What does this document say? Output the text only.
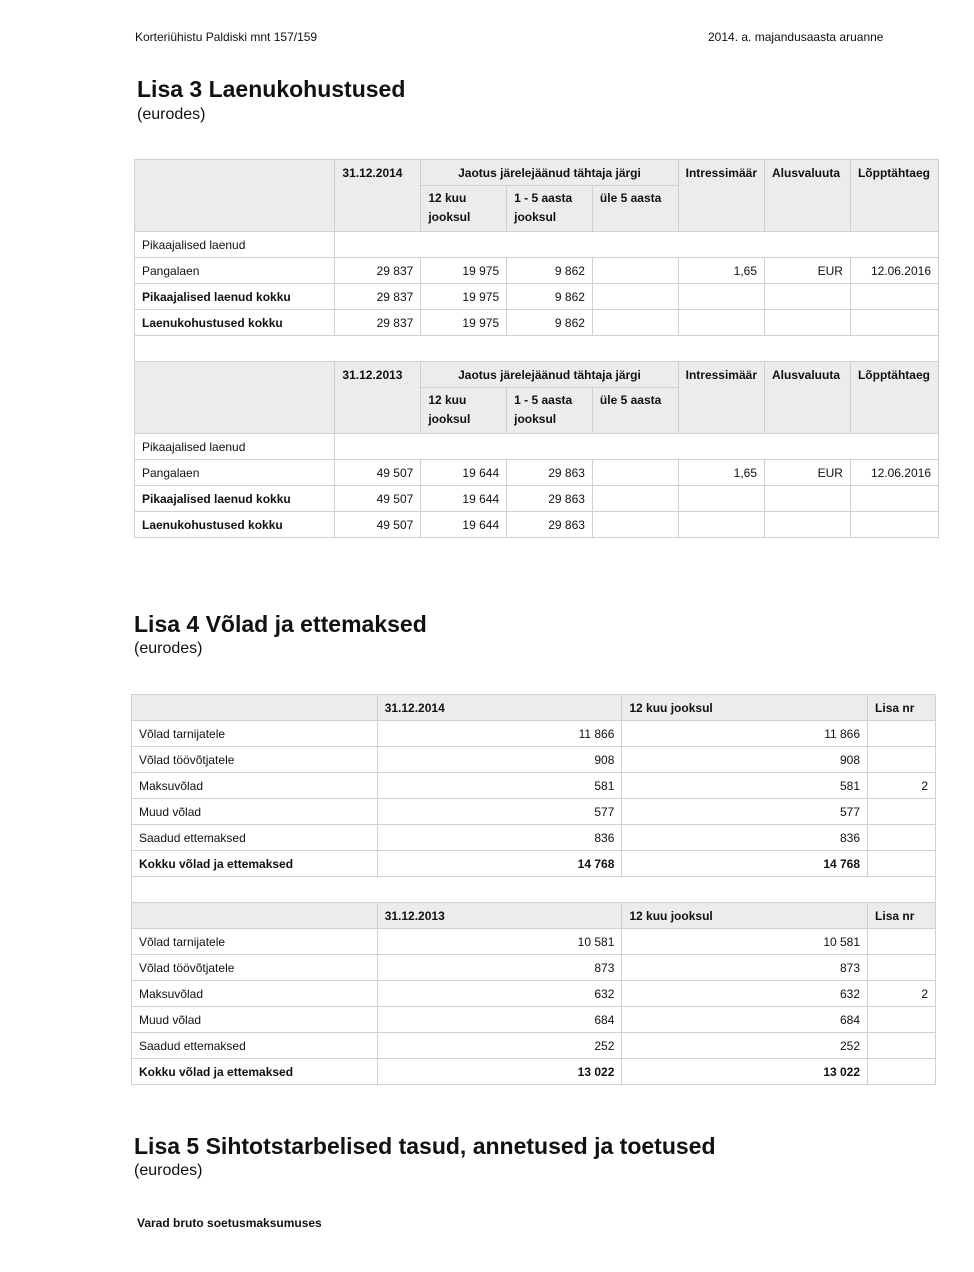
Korteriühistu Paldiski mnt 157/159	2014. a. majandusaasta aruanne
Lisa 3 Laenukohustused
(eurodes)
	31.12.2014	Jaotus järelejäänud tähtaja järgi			Intressimäär	Alusvaluuta	Lõpptähtaeg
		12 kuu jooksul	1 - 5 aasta jooksul	üle 5 aasta			
Pikaajalised laenud							
Pangalaen	29 837	19 975	9 862		1,65	EUR	12.06.2016
Pikaajalised laenud kokku	29 837	19 975	9 862				
Laenukohustused kokku	29 837	19 975	9 862				

	31.12.2013	Jaotus järelejäänud tähtaja järgi			Intressimäär	Alusvaluuta	Lõpptähtaeg
		12 kuu jooksul	1 - 5 aasta jooksul	üle 5 aasta			
Pikaajalised laenud							
Pangalaen	49 507	19 644	29 863		1,65	EUR	12.06.2016
Pikaajalised laenud kokku	49 507	19 644	29 863				
Laenukohustused kokku	49 507	19 644	29 863				
Lisa 4 Võlad ja ettemaksed
(eurodes)
	31.12.2014	12 kuu jooksul	Lisa nr
Võlad tarnijatele	11 866	11 866	
Võlad töövõtjatele	908	908	
Maksuvõlad	581	581	2
Muud võlad	577	577	
Saadud ettemaksed	836	836	
Kokku võlad ja ettemaksed	14 768	14 768	

	31.12.2013	12 kuu jooksul	Lisa nr
Võlad tarnijatele	10 581	10 581	
Võlad töövõtjatele	873	873	
Maksuvõlad	632	632	2
Muud võlad	684	684	
Saadud ettemaksed	252	252	
Kokku võlad ja ettemaksed	13 022	13 022	
Lisa 5 Sihtotstarbelised tasud, annetused ja toetused
(eurodes)
Varad bruto soetusmaksumuses
